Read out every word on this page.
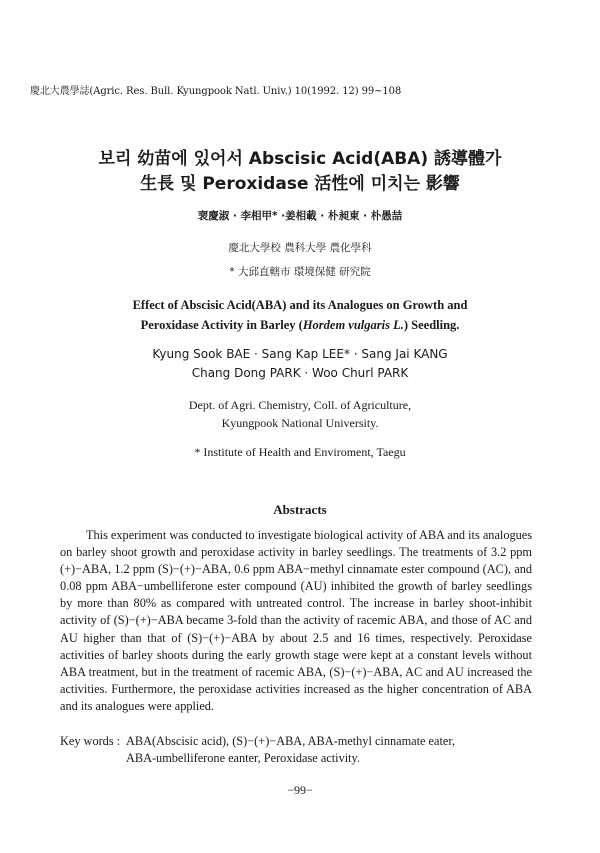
慶北大農學誌(Agric. Res. Bull. Kyungpook Natl. Univ.) 10(1992. 12) 99~108
보리 幼苗에 있어서 Abscisic Acid(ABA) 誘導體가
生長 및 Peroxidase 活性에 미치는 影響
裵慶淑 · 李相甲* ·姜相載 · 朴昶東 · 朴愚喆
慶北大學校 農科大學 農化學科
* 大邱直轄市 環境保健 研究院
Effect of Abscisic Acid(ABA) and its Analogues on Growth and
Peroxidase Activity in Barley (Hordem vulgaris L.) Seedling.
Kyung Sook BAE · Sang Kap LEE* · Sang Jai KANG
Chang Dong PARK · Woo Churl PARK
Dept. of Agri. Chemistry, Coll. of Agriculture,
Kyungpook National University.
* Institute of Health and Enviroment, Taegu
Abstracts

This experiment was conducted to investigate biological activity of ABA and its analogues on barley shoot growth and peroxidase activity in barley seedlings. The treatments of 3.2 ppm (+)−ABA, 1.2 ppm (S)−(+)−ABA, 0.6 ppm ABA−methyl cinnamate ester compound (AC), and 0.08 ppm ABA−umbelliferone ester compound (AU) inhibited the growth of barley seedlings by more than 80% as compared with untreated control. The increase in barley shoot-inhibit activity of (S)−(+)−ABA became 3-fold than the activity of racemic ABA, and those of AC and AU higher than that of (S)−(+)−ABA by about 2.5 and 16 times, respectively. Peroxidase activities of barley shoots during the early growth stage were kept at a constant levels without ABA treatment, but in the treatment of racemic ABA, (S)−(+)−ABA, AC and AU increased the activities. Furthermore, the peroxidase activities increased as the higher concentration of ABA and its analogues were applied.

Key words : ABA(Abscisic acid), (S)−(+)−ABA, ABA-methyl cinnamate eater,
ABA-umbelliferone eanter, Peroxidase activity.
−99−
